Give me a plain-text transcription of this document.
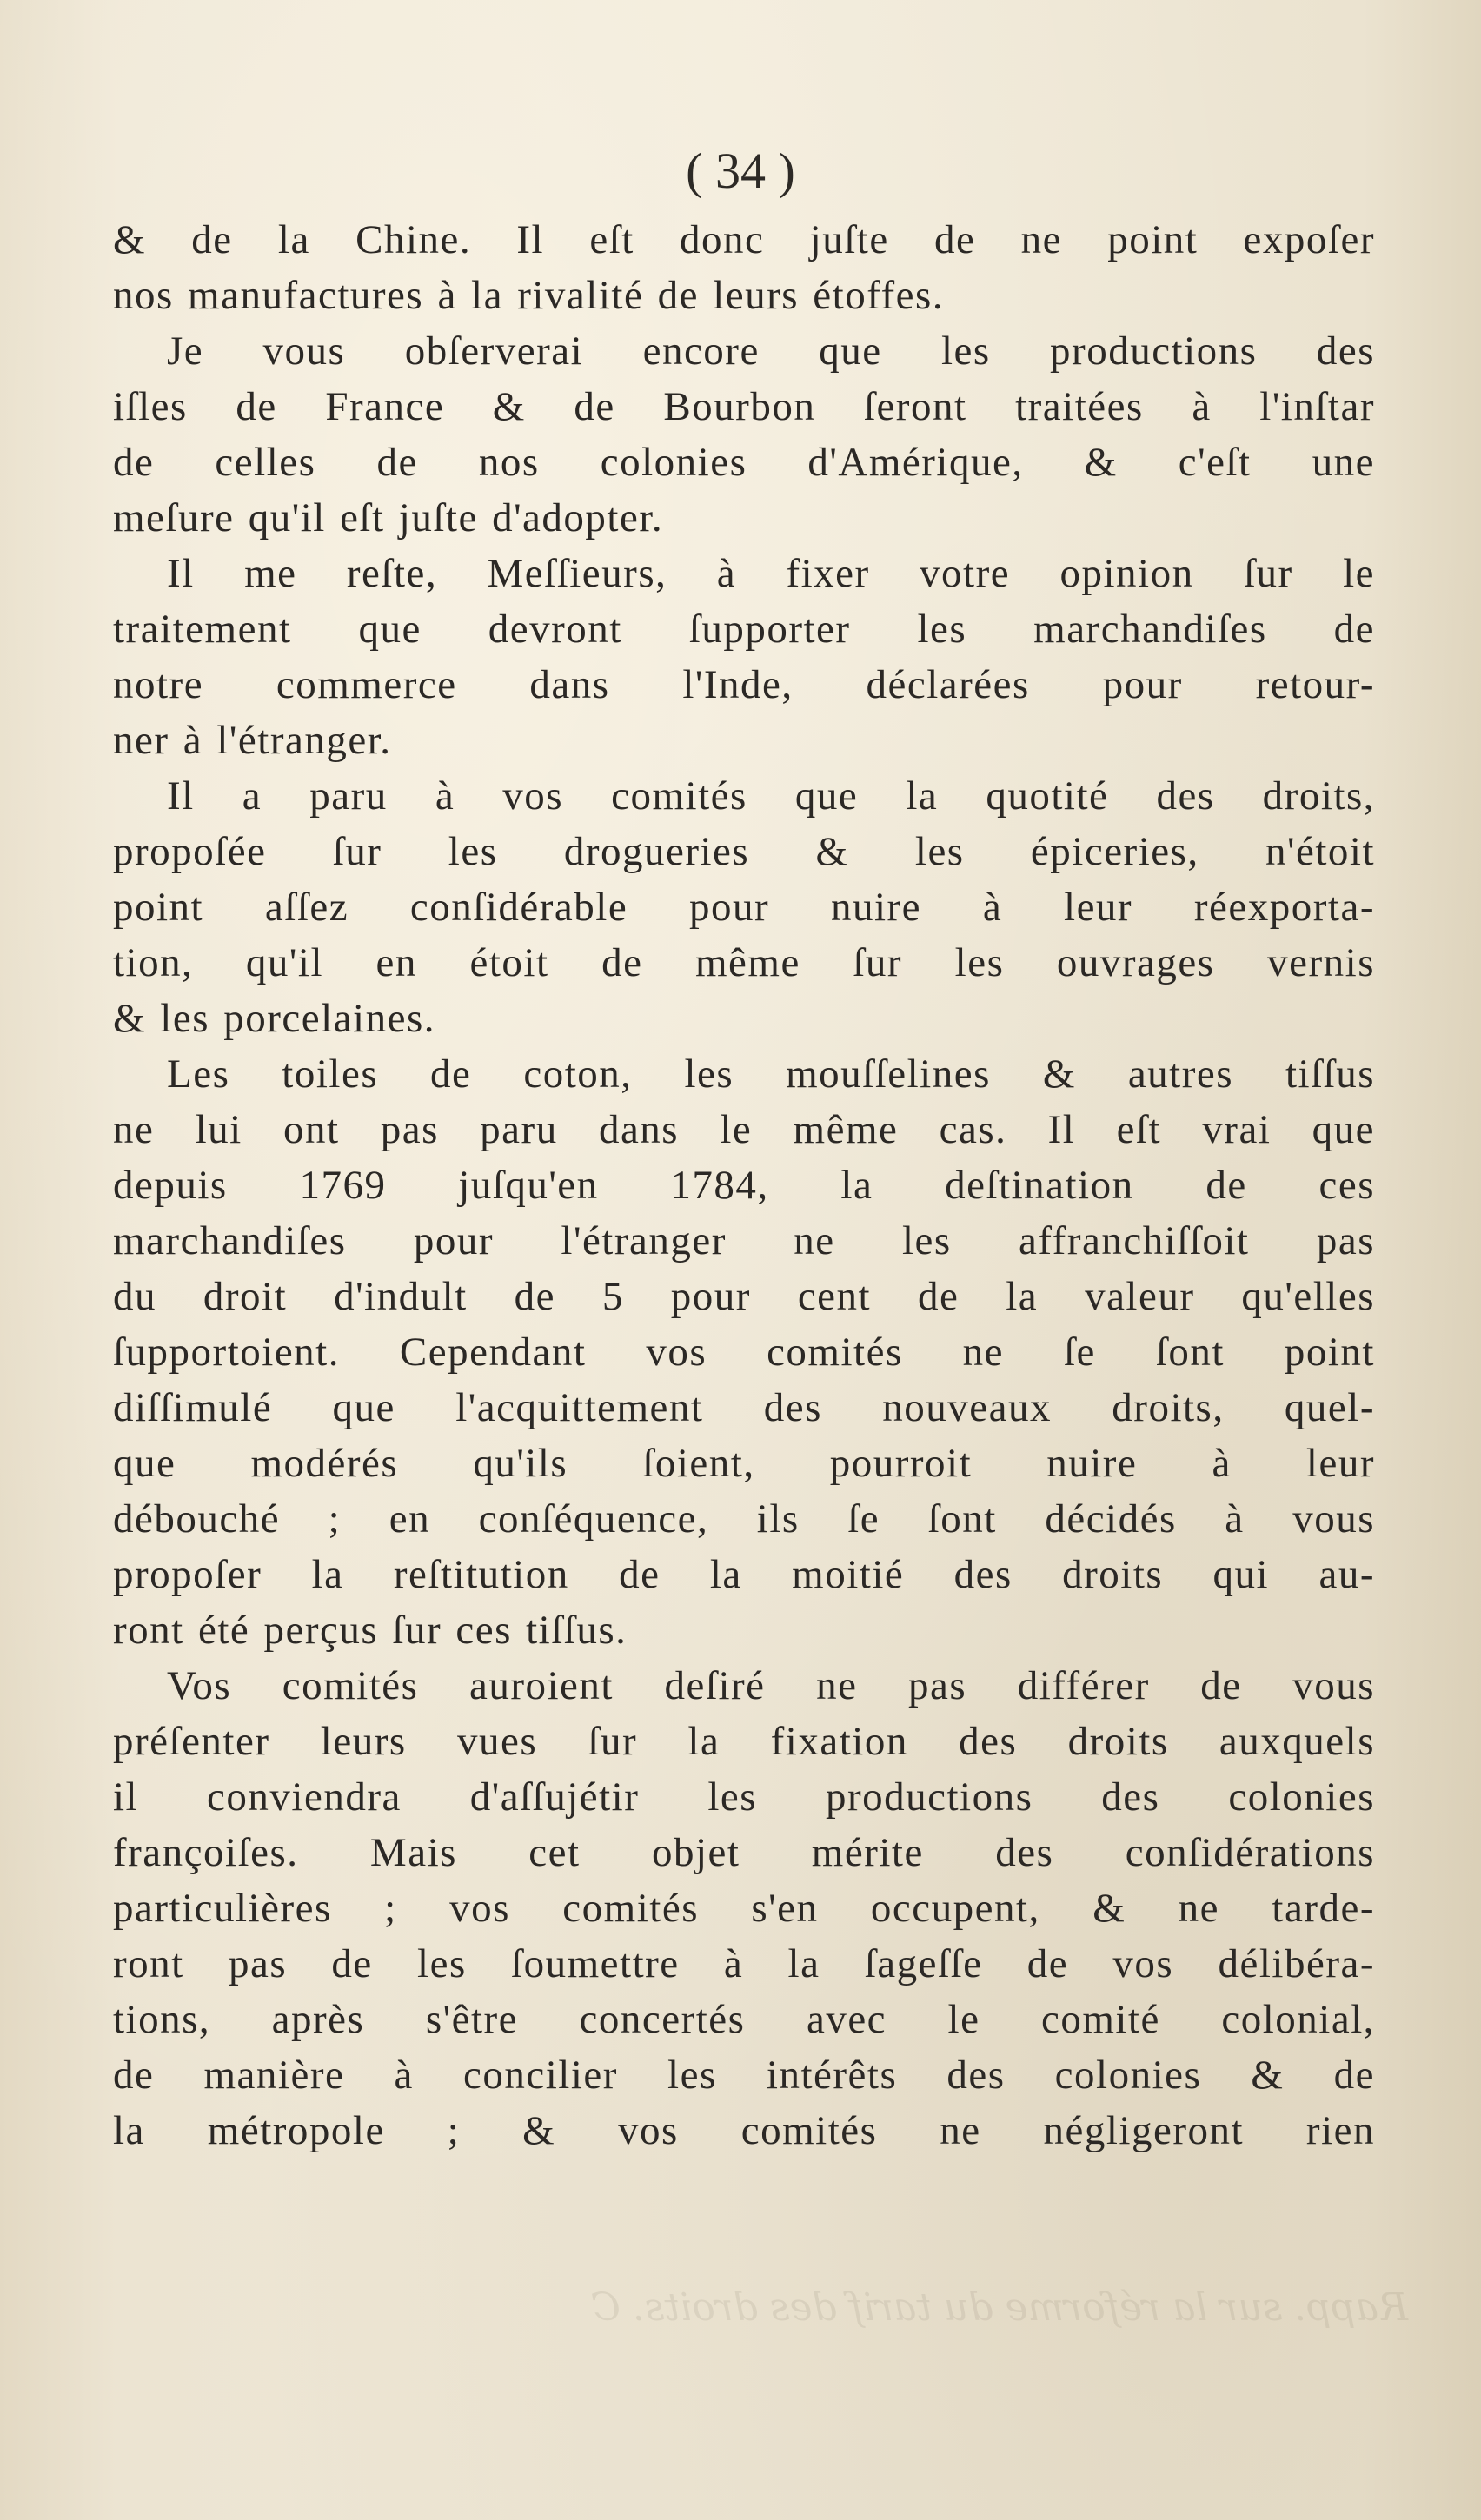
Rapp. sur la réforme du tarif des droits. C
( 34 )
& de la Chine. Il eſt donc juſte de ne point expoſer
nos manufactures à la rivalité de leurs étoffes.
Je vous obſerverai encore que les productions des
iſles de France & de Bourbon ſeront traitées à l'inſtar
de celles de nos colonies d'Amérique, & c'eſt une
meſure qu'il eſt juſte d'adopter.
Il me reſte, Meſſieurs, à fixer votre opinion ſur le
traitement que devront ſupporter les marchandiſes de
notre commerce dans l'Inde, déclarées pour retour-
ner à l'étranger.
Il a paru à vos comités que la quotité des droits,
propoſée ſur les drogueries & les épiceries, n'étoit
point aſſez conſidérable pour nuire à leur réexporta-
tion, qu'il en étoit de même ſur les ouvrages vernis
& les porcelaines.
Les toiles de coton, les mouſſelines & autres tiſſus
ne lui ont pas paru dans le même cas. Il eſt vrai que
depuis 1769 juſqu'en 1784, la deſtination de ces
marchandiſes pour l'étranger ne les affranchiſſoit pas
du droit d'indult de 5 pour cent de la valeur qu'elles
ſupportoient. Cependant vos comités ne ſe ſont point
diſſimulé que l'acquittement des nouveaux droits, quel-
que modérés qu'ils ſoient, pourroit nuire à leur
débouché ; en conſéquence, ils ſe ſont décidés à vous
propoſer la reſtitution de la moitié des droits qui au-
ront été perçus ſur ces tiſſus.
Vos comités auroient deſiré ne pas différer de vous
préſenter leurs vues ſur la fixation des droits auxquels
il conviendra d'aſſujétir les productions des colonies
françoiſes. Mais cet objet mérite des conſidérations
particulières ; vos comités s'en occupent, & ne tarde-
ront pas de les ſoumettre à la ſageſſe de vos délibéra-
tions, après s'être concertés avec le comité colonial,
de manière à concilier les intérêts des colonies & de
la métropole ; & vos comités ne négligeront rien
